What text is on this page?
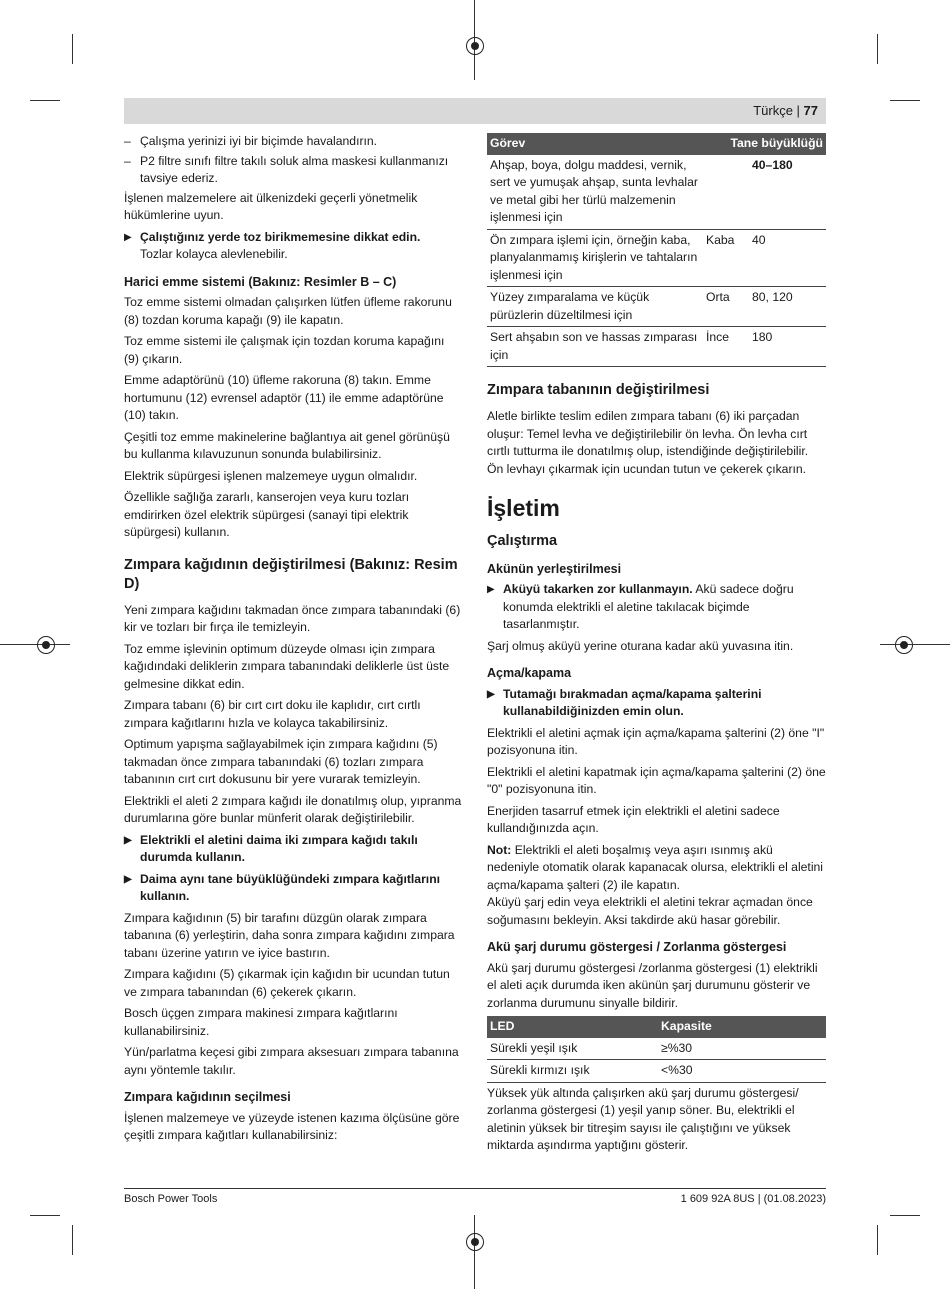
Türkçe | 77
– Çalışma yerinizi iyi bir biçimde havalandırın.
– P2 filtre sınıfı filtre takılı soluk alma maskesi kullanmanızı tavsiye ederiz.

İşlenen malzemelere ait ülkenizdeki geçerli yönetmelik hükümlerine uyun.

▶ Çalıştığınız yerde toz birikmemesine dikkat edin.
Tozlar kolayca alevlenebilir.
Harici emme sistemi (Bakınız: Resimler B – C)

Toz emme sistemi olmadan çalışırken lütfen üfleme rakorunu (8) tozdan koruma kapağı (9) ile kapatın.

Toz emme sistemi ile çalışmak için tozdan koruma kapağını (9) çıkarın.

Emme adaptörünü (10) üfleme rakoruna (8) takın. Emme hortumunu (12) evrensel adaptör (11) ile emme adaptörüne (10) takın.

Çeşitli toz emme makinelerine bağlantıya ait genel görünüşü bu kullanma kılavuzunun sonunda bulabilirsiniz.

Elektrik süpürgesi işlenen malzemeye uygun olmalıdır.

Özellikle sağlığa zararlı, kanserojen veya kuru tozları emdirirken özel elektrik süpürgesi (sanayi tipi elektrik süpürgesi) kullanın.

Zımpara kağıdının değiştirilmesi (Bakınız: Resim D)

Yeni zımpara kağıdını takmadan önce zımpara tabanındaki (6) kir ve tozları bir fırça ile temizleyin.

Toz emme işlevinin optimum düzeyde olması için zımpara kağıdındaki deliklerin zımpara tabanındaki deliklerle üst üste gelmesine dikkat edin.

Zımpara tabanı (6) bir cırt cırt doku ile kaplıdır, cırt cırtlı zımpara kağıtlarını hızla ve kolayca takabilirsiniz.

Optimum yapışma sağlayabilmek için zımpara kağıdını (5) takmadan önce zımpara tabanındaki (6) tozları zımpara tabanının cırt cırt dokusunu bir yere vurarak temizleyin.

Elektrikli el aleti 2 zımpara kağıdı ile donatılmış olup, yıpranma durumlarına göre bunlar münferit olarak değiştirilebilir.

▶ Elektrikli el aletini daima iki zımpara kağıdı takılı durumda kullanın.
▶ Daima aynı tane büyüklüğündeki zımpara kağıtlarını kullanın.

Zımpara kağıdının (5) bir tarafını düzgün olarak zımpara tabanına (6) yerleştirin, daha sonra zımpara kağıdını zımpara tabanı üzerine yatırın ve iyice bastırın.

Zımpara kağıdını (5) çıkarmak için kağıdın bir ucundan tutun ve zımpara tabanından (6) çekerek çıkarın.

Bosch üçgen zımpara makinesi zımpara kağıtlarını kullanabilirsiniz.

Yün/parlatma keçesi gibi zımpara aksesuarı zımpara tabanına aynı yöntemle takılır.

Zımpara kağıdının seçilmesi

İşlenen malzemeye ve yüzeyde istenen kazıma ölçüsüne göre çeşitli zımpara kağıtları kullanabilirsiniz:

Görev	Tane büyüklüğü	
Ahşap, boya, dolgu maddesi, vernik, sert ve yumuşak ahşap, sunta levhalar ve metal gibi her türlü malzemenin işlenmesi için		40–180
Ön zımpara işlemi için, örneğin kaba, planyalanmamış kirişlerin ve tahtaların işlenmesi için	Kaba	40
Yüzey zımparalama ve küçük pürüzlerin düzeltilmesi için	Orta	80, 120
Sert ahşabın son ve hassas zımparası için	İnce	180
Zımpara tabanının değiştirilmesi

Aletle birlikte teslim edilen zımpara tabanı (6) iki parçadan oluşur: Temel levha ve değiştirilebilir ön levha. Ön levha cırt cırtlı tutturma ile donatılmış olup, istendiğinde değiştirilebilir. Ön levhayı çıkarmak için ucundan tutun ve çekerek çıkarın.

İşletim
Çalıştırma
Akünün yerleştirilmesi
▶ Aküyü takarken zor kullanmayın. Akü sadece doğru konumda elektrikli el aletine takılacak biçimde tasarlanmıştır.

Şarj olmuş aküyü yerine oturana kadar akü yuvasına itin.

Açma/kapama
▶ Tutamağı bırakmadan açma/kapama şalterini kullanabildiğinizden emin olun.

Elektrikli el aletini açmak için açma/kapama şalterini (2) öne "I" pozisyonuna itin.

Elektrikli el aletini kapatmak için açma/kapama şalterini (2) öne "0" pozisyonuna itin.

Enerjiden tasarruf etmek için elektrikli el aletini sadece kullandığınızda açın.

Not: Elektrikli el aleti boşalmış veya aşırı ısınmış akü nedeniyle otomatik olarak kapanacak olursa, elektrikli el aletini açma/kapama şalteri (2) ile kapatın.

Aküyü şarj edin veya elektrikli el aletini tekrar açmadan önce soğumasını bekleyin. Aksi takdirde akü hasar görebilir.

Akü şarj durumu göstergesi / Zorlanma göstergesi

Akü şarj durumu göstergesi /zorlanma göstergesi (1) elektrikli el aleti açık durumda iken akünün şarj durumunu gösterir ve zorlanma durumunu sinyalle bildirir.

LED	Kapasite
Sürekli yeşil ışık	≥%30
Sürekli kırmızı ışık	<%30

Yüksek yük altında çalışırken akü şarj durumu göstergesi/ zorlanma göstergesi (1) yeşil yanıp söner. Bu, elektrikli el aletinin yüksek bir titreşim sayısı ile çalıştığını ve yüksek miktarda aşındırma yaptığını gösterir.

Bosch Power Tools	1 609 92A 8US | (01.08.2023)
